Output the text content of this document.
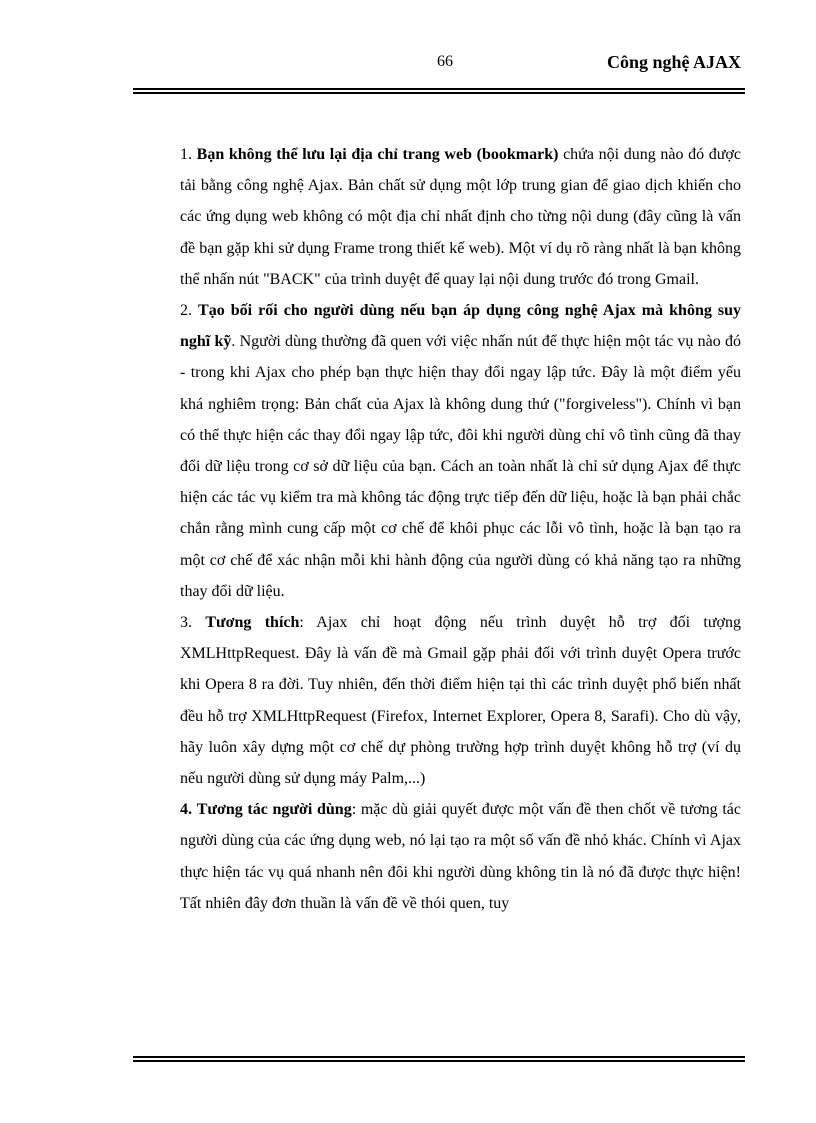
66	Công nghệ AJAX

1. Bạn không thể lưu lại địa chỉ trang web (bookmark) chứa nội dung nào đó được tải bằng công nghệ Ajax. Bản chất sử dụng một lớp trung gian để giao dịch khiến cho các ứng dụng web không có một địa chỉ nhất định cho từng nội dung (đây cũng là vấn đề bạn gặp khi sử dụng Frame trong thiết kế web). Một ví dụ rõ ràng nhất là bạn không thể nhấn nút "BACK" của trình duyệt để quay lại nội dung trước đó trong Gmail.

2. Tạo bối rối cho người dùng nếu bạn áp dụng công nghệ Ajax mà không suy nghĩ kỹ. Người dùng thường đã quen với việc nhấn nút để thực hiện một tác vụ nào đó - trong khi Ajax cho phép bạn thực hiện thay đổi ngay lập tức. Đây là một điểm yếu khá nghiêm trọng: Bản chất của Ajax là không dung thứ ("forgiveless"). Chính vì bạn có thể thực hiện các thay đổi ngay lập tức, đôi khi người dùng chỉ vô tình cũng đã thay đổi dữ liệu trong cơ sở dữ liệu của bạn. Cách an toàn nhất là chỉ sử dụng Ajax để thực hiện các tác vụ kiểm tra mà không tác động trực tiếp đến dữ liệu, hoặc là bạn phải chắc chắn rằng mình cung cấp một cơ chế để khôi phục các lỗi vô tình, hoặc là bạn tạo ra một cơ chế để xác nhận mỗi khi hành động của người dùng có khả năng tạo ra những thay đổi dữ liệu.

3. Tương thích: Ajax chỉ hoạt động nếu trình duyệt hỗ trợ đối tượng XMLHttpRequest. Đây là vấn đề mà Gmail gặp phải đối với trình duyệt Opera trước khi Opera 8 ra đời. Tuy nhiên, đến thời điểm hiện tại thì các trình duyệt phổ biến nhất đều hỗ trợ XMLHttpRequest (Firefox, Internet Explorer, Opera 8, Sarafi). Cho dù vậy, hãy luôn xây dựng một cơ chế dự phòng trường hợp trình duyệt không hỗ trợ (ví dụ nếu người dùng sử dụng máy Palm,...)

4. Tương tác người dùng: mặc dù giải quyết được một vấn đề then chốt về tương tác người dùng của các ứng dụng web, nó lại tạo ra một số vấn đề nhỏ khác. Chính vì Ajax thực hiện tác vụ quá nhanh nên đôi khi người dùng không tin là nó đã được thực hiện! Tất nhiên đây đơn thuần là vấn đề về thói quen, tuy
